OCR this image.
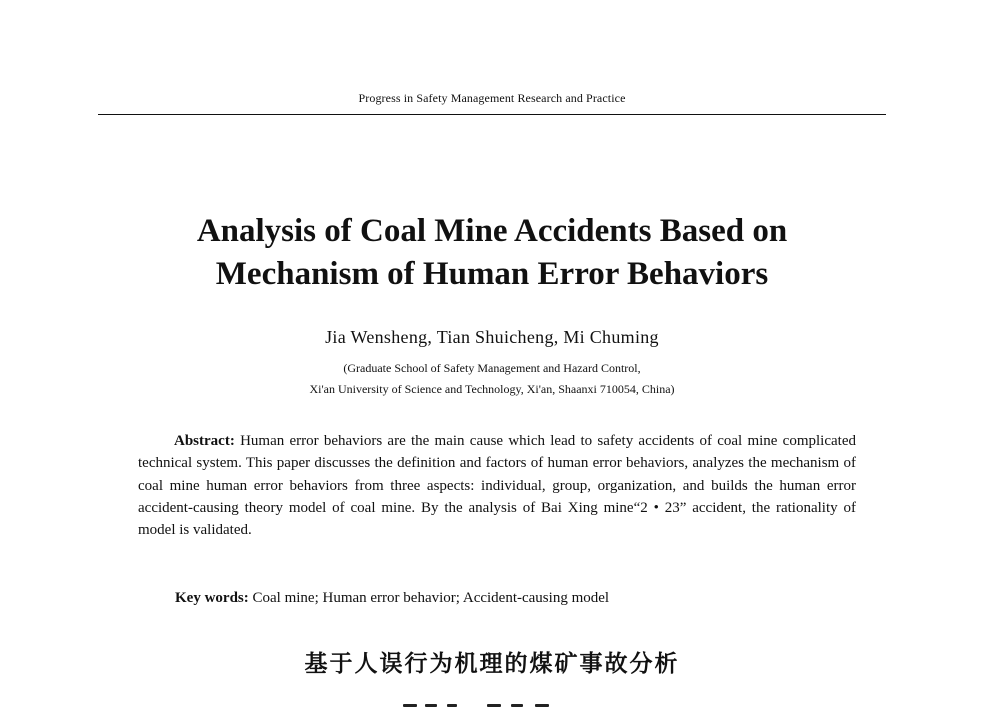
Progress in Safety Management Research and Practice
Analysis of Coal Mine Accidents Based on
Mechanism of Human Error Behaviors
Jia Wensheng, Tian Shuicheng, Mi Chuming
(Graduate School of Safety Management and Hazard Control,
Xi'an University of Science and Technology, Xi'an, Shaanxi 710054, China)

Abstract: Human error behaviors are the main cause which lead to safety accidents of coal mine complicated technical system. This paper discusses the definition and factors of human error behaviors, analyzes the mechanism of coal mine human error behaviors from three aspects: individual, group, organization, and builds the human error accident-causing theory model of coal mine. By the analysis of Bai Xing mine“2 • 23” accident, the rationality of model is validated.

Key words: Coal mine; Human error behavior; Accident-causing model
基于人误行为机理的煤矿事故分析
